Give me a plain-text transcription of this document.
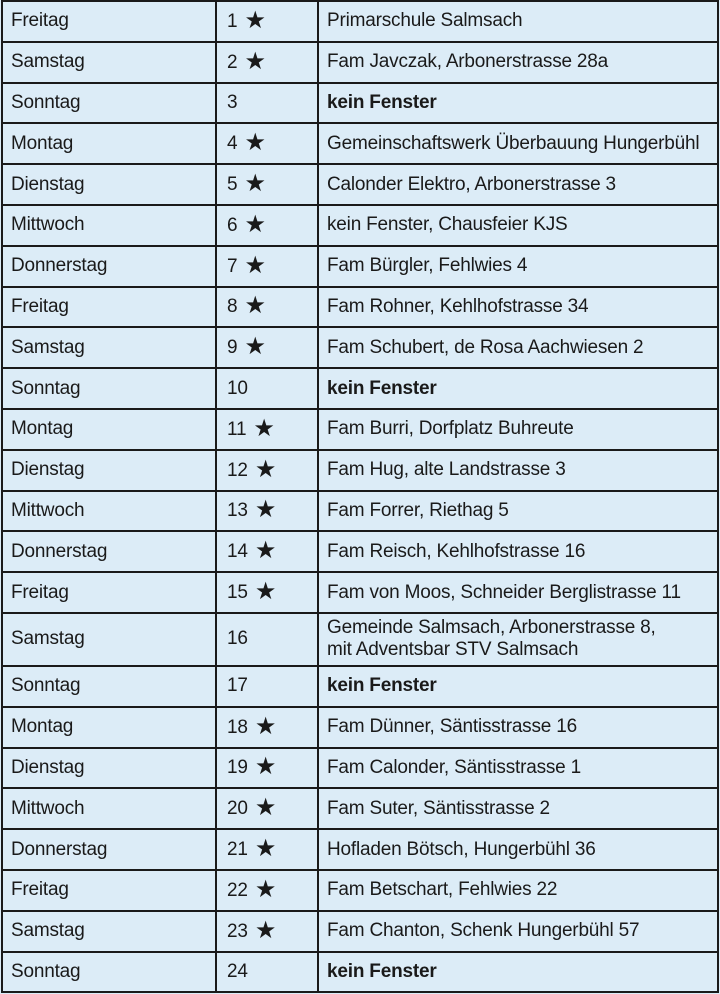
Freitag	1 ★	Primarschule Salmsach
Samstag	2 ★	Fam Javczak, Arbonerstrasse 28a
Sonntag	3	kein Fenster
Montag	4 ★	Gemeinschaftswerk Überbauung Hungerbühl
Dienstag	5 ★	Calonder Elektro, Arbonerstrasse 3
Mittwoch	6 ★	kein Fenster, Chausfeier KJS
Donnerstag	7 ★	Fam Bürgler, Fehlwies 4
Freitag	8 ★	Fam Rohner, Kehlhofstrasse 34
Samstag	9 ★	Fam Schubert, de Rosa Aachwiesen 2
Sonntag	10	kein Fenster
Montag	11 ★	Fam Burri, Dorfplatz Buhreute
Dienstag	12 ★	Fam Hug, alte Landstrasse 3
Mittwoch	13 ★	Fam Forrer, Riethag 5
Donnerstag	14 ★	Fam Reisch, Kehlhofstrasse 16
Freitag	15 ★	Fam von Moos, Schneider Berglistrasse 11
Samstag	16	Gemeinde Salmsach, Arbonerstrasse 8,
mit Adventsbar STV Salmsach

Sonntag	17	kein Fenster
Montag	18 ★	Fam Dünner, Säntisstrasse 16
Dienstag	19 ★	Fam Calonder, Säntisstrasse 1
Mittwoch	20 ★	Fam Suter, Säntisstrasse 2
Donnerstag	21 ★	Hofladen Bötsch, Hungerbühl 36
Freitag	22 ★	Fam Betschart, Fehlwies 22
Samstag	23 ★	Fam Chanton, Schenk Hungerbühl 57
Sonntag	24	kein Fenster
